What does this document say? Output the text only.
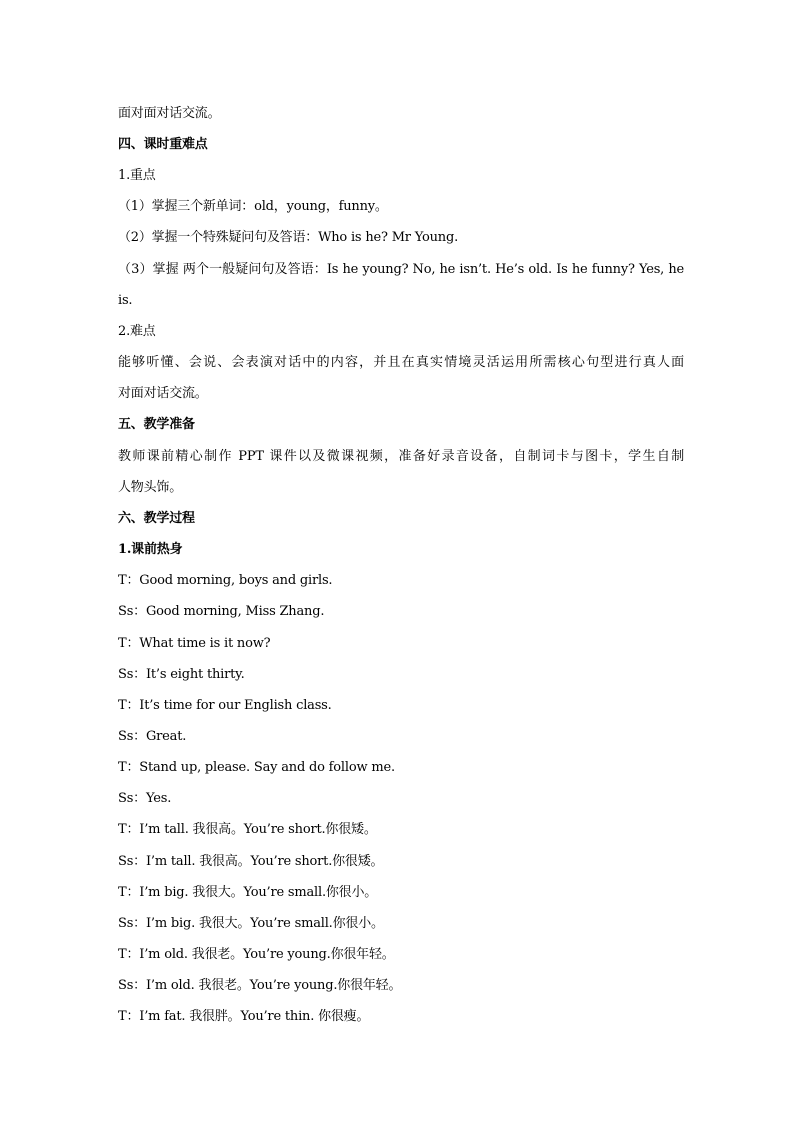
面对面对话交流。
四、课时重难点
1.重点
（1）掌握三个新单词：old，young，funny。
（2）掌握一个特殊疑问句及答语：Who is he? Mr Young.
（3）掌握 两个一般疑问句及答语：Is he young? No, he isn’t. He’s old. Is he funny? Yes, he
is.
2.难点
能够听懂、会说、会表演对话中的内容，并且在真实情境灵活运用所需核心句型进行真人面
对面对话交流。
五、教学准备
教师课前精心制作 PPT 课件以及微课视频，准备好录音设备，自制词卡与图卡，学生自制
人物头饰。
六、教学过程
1.课前热身
T：Good morning, boys and girls.
Ss：Good morning, Miss Zhang.
T：What time is it now?
Ss：It’s eight thirty.
T：It’s time for our English class.
Ss：Great.
T：Stand up, please. Say and do follow me.
Ss：Yes.
T：I’m tall. 我很高。You’re short.你很矮。
Ss：I’m tall. 我很高。You’re short.你很矮。
T：I’m big. 我很大。You’re small.你很小。
Ss：I’m big. 我很大。You’re small.你很小。
T：I’m old. 我很老。You’re young.你很年轻。
Ss：I’m old. 我很老。You’re young.你很年轻。
T：I’m fat. 我很胖。You’re thin. 你很瘦。
